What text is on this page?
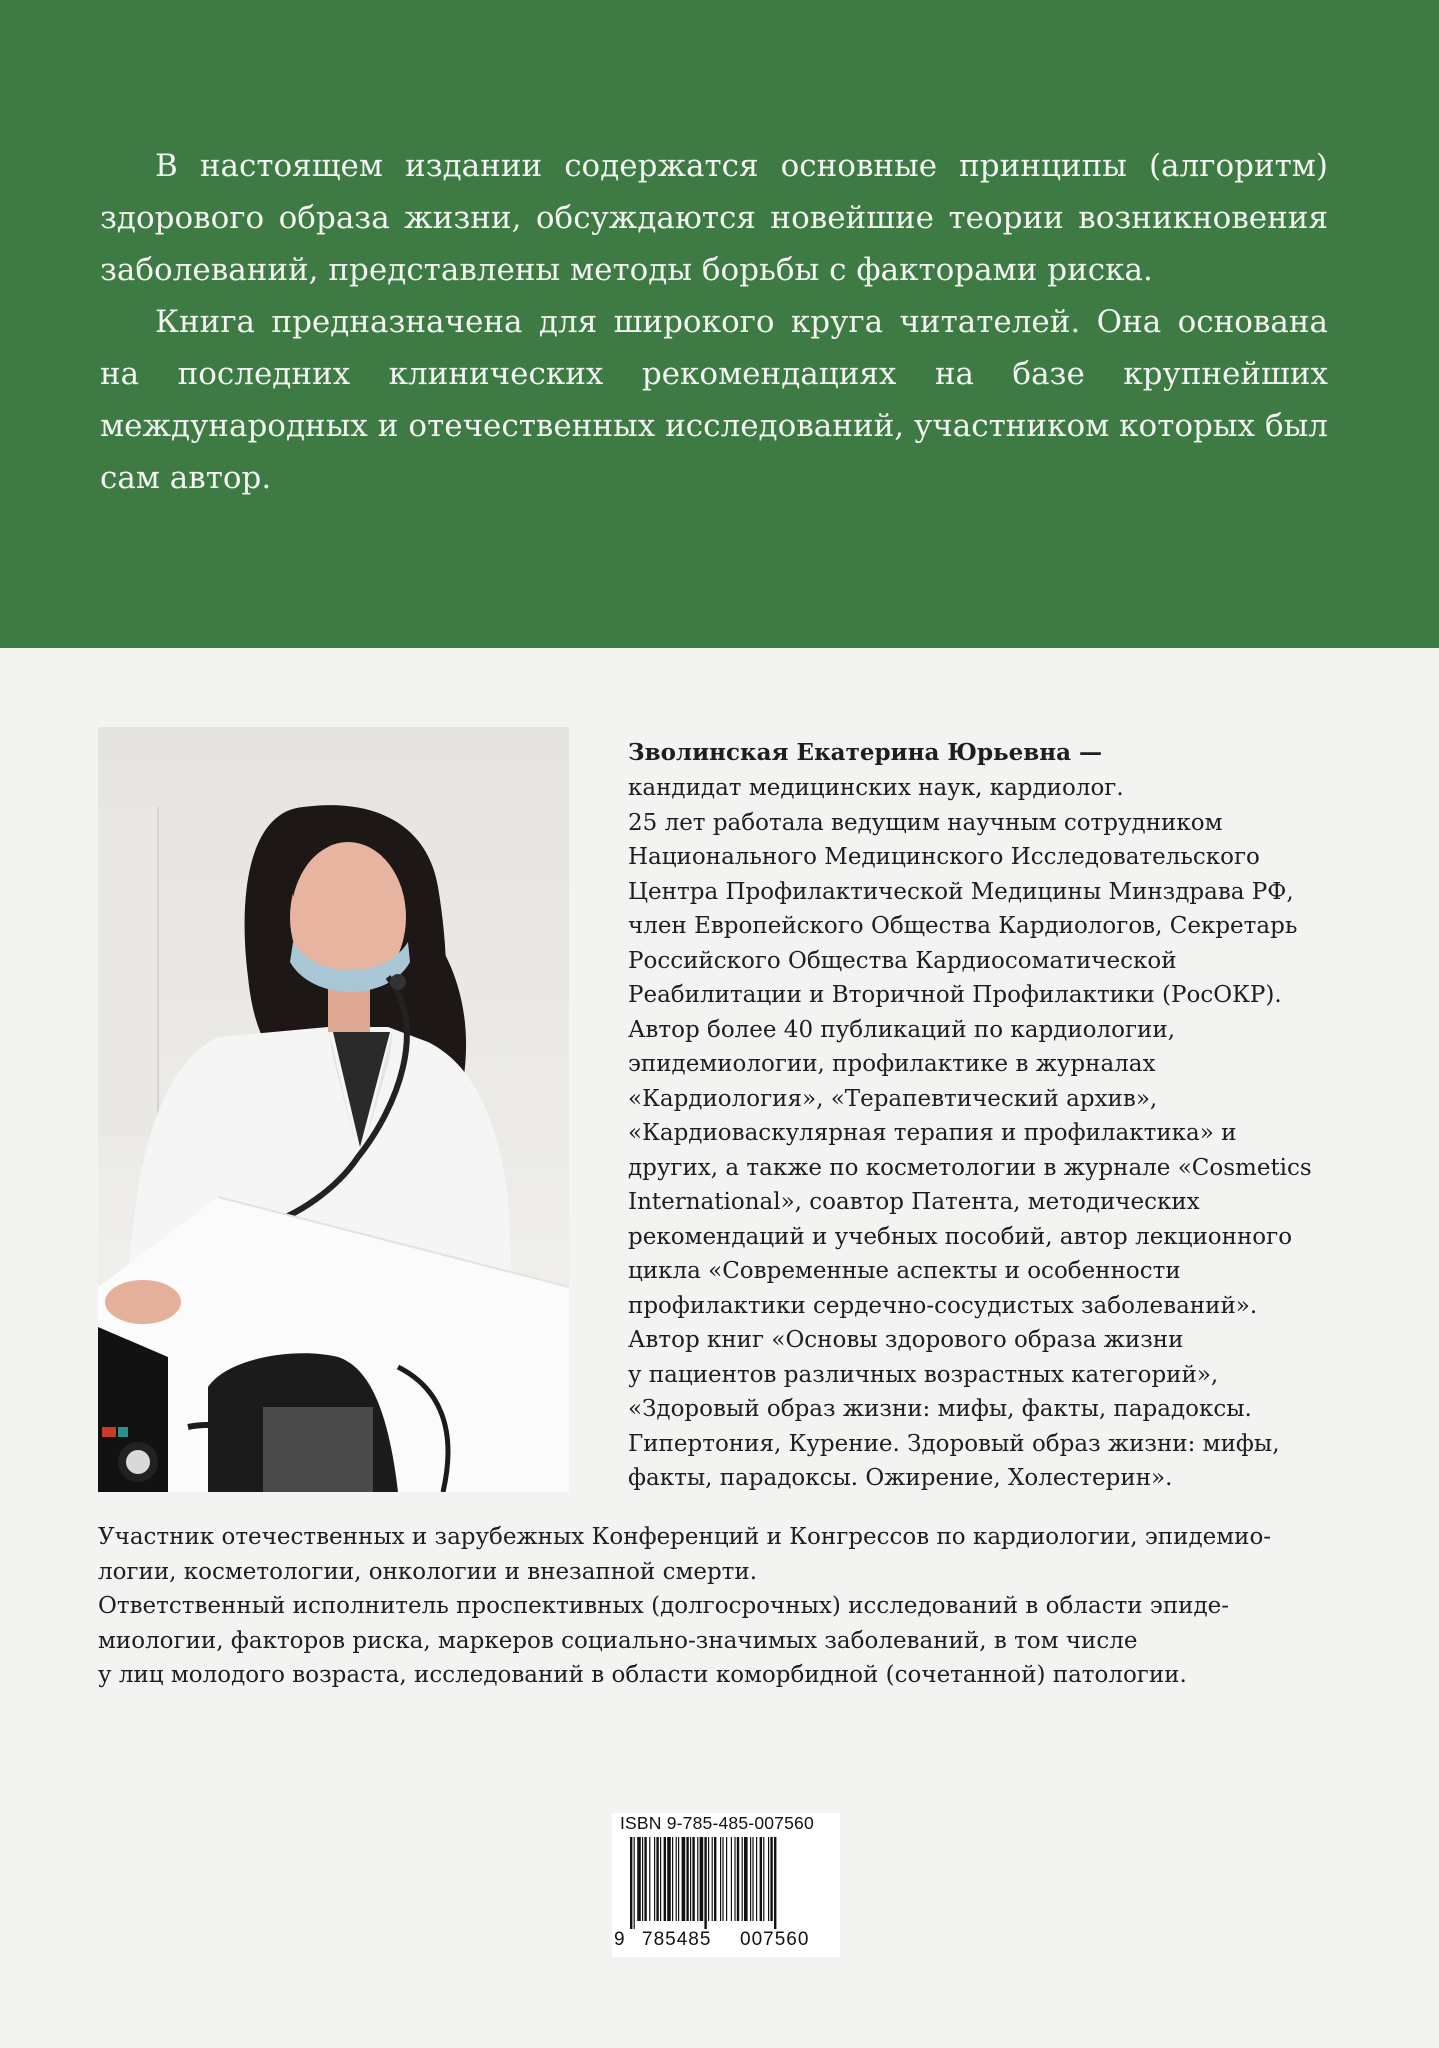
В настоящем издании содержатся основные принципы (алгоритм) здорового образа жизни, обсуждаются новейшие теории возникновения заболеваний, представлены методы борьбы с факторами риска.

Книга предназначена для широкого круга читателей. Она основана на последних клинических рекомендациях на базе крупнейших международных и отечественных исследований, участником которых был сам автор.

Зволинская Екатерина Юрьевна —

кандидат медицинских наук, кардиолог.
25 лет работала ведущим научным сотрудником
Национального Медицинского Исследовательского
Центра Профилактической Медицины Минздрава РФ,
член Европейского Общества Кардиологов, Секретарь
Российского Общества Кардиосоматической
Реабилитации и Вторичной Профилактики (РосОКР).
Автор более 40 публикаций по кардиологии,
эпидемиологии, профилактике в журналах
«Кардиология», «Терапевтический архив»,
«Кардиоваскулярная терапия и профилактика» и
других, а также по косметологии в журнале «Cosmetics
International», соавтор Патента, методических
рекомендаций и учебных пособий, автор лекционного
цикла «Современные аспекты и особенности
профилактики сердечно-сосудистых заболеваний».
Автор книг «Основы здорового образа жизни
у пациентов различных возрастных категорий»,
«Здоровый образ жизни: мифы, факты, парадоксы.
Гипертония, Курение. Здоровый образ жизни: мифы,
факты, парадоксы. Ожирение, Холестерин».

Участник отечественных и зарубежных Конференций и Конгрессов по кардиологии, эпидемио-
логии, косметологии, онкологии и внезапной смерти.
Ответственный исполнитель проспективных (долгосрочных) исследований в области эпиде-
миологии, факторов риска, маркеров социально-значимых заболеваний, в том числе
у лиц молодого возраста, исследований в области коморбидной (сочетанной) патологии.

ISBN 9-785-485-007560
9 785485 007560
